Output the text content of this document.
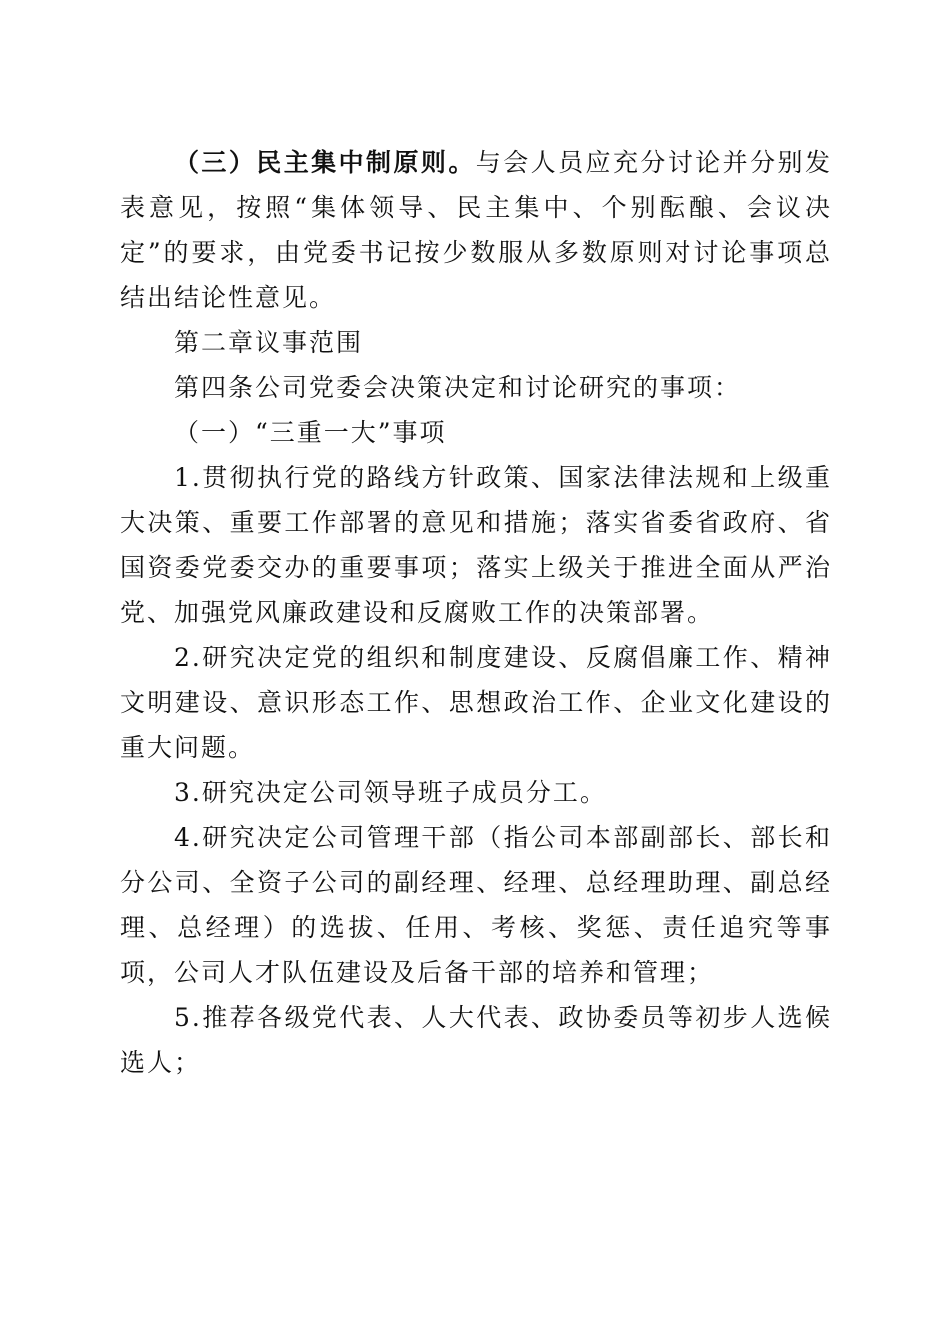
（三）民主集中制原则。与会人员应充分讨论并分别发表意见，按照“集体领导、民主集中、个别酝酿、会议决定”的要求，由党委书记按少数服从多数原则对讨论事项总结出结论性意见。

第二章议事范围

第四条公司党委会决策决定和讨论研究的事项：

（一）“三重一大”事项

1.贯彻执行党的路线方针政策、国家法律法规和上级重大决策、重要工作部署的意见和措施；落实省委省政府、省国资委党委交办的重要事项；落实上级关于推进全面从严治党、加强党风廉政建设和反腐败工作的决策部署。

2.研究决定党的组织和制度建设、反腐倡廉工作、精神文明建设、意识形态工作、思想政治工作、企业文化建设的重大问题。

3.研究决定公司领导班子成员分工。

4.研究决定公司管理干部（指公司本部副部长、部长和分公司、全资子公司的副经理、经理、总经理助理、副总经理、总经理）的选拔、任用、考核、奖惩、责任追究等事项，公司人才队伍建设及后备干部的培养和管理；

5.推荐各级党代表、人大代表、政协委员等初步人选候选人；
